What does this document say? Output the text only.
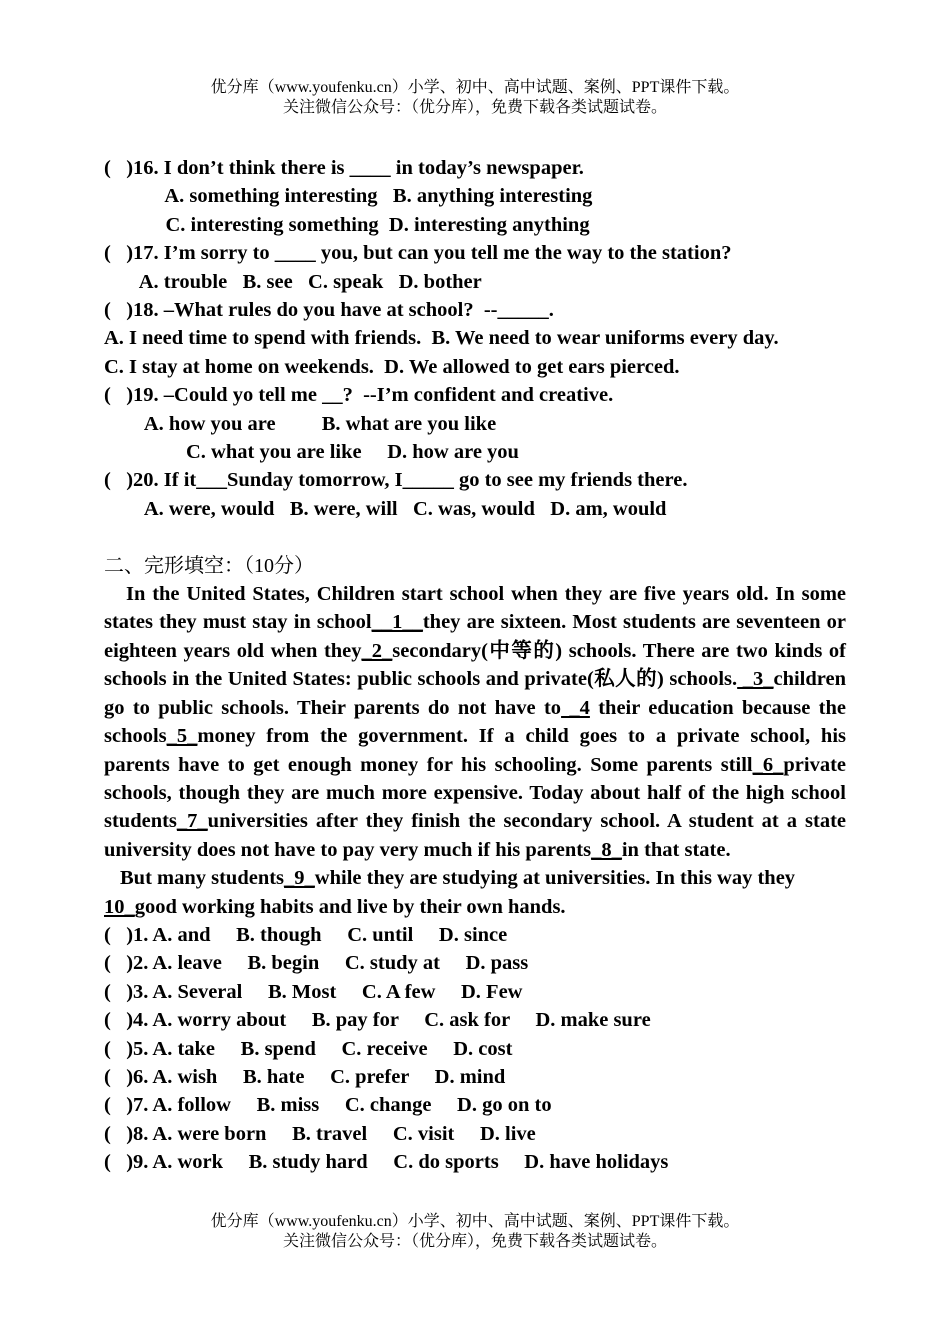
优分库（www.youfenku.cn）小学、初中、高中试题、案例、PPT课件下载。
关注微信公众号：（优分库），免费下载各类试题试卷。

(   )16. I don’t think there is ____ in today’s newspaper.

A. something interesting   B. anything interesting

C. interesting something  D. interesting anything

(   )17. I’m sorry to ____ you, but can you tell me the way to the station?

A. trouble   B. see   C. speak   D. bother

(   )18. –What rules do you have at school?  --_____.

A. I need time to spend with friends.  B. We need to wear uniforms every day.

C. I stay at home on weekends.  D. We allowed to get ears pierced.

(   )19. –Could yo tell me __?  --I’m confident and creative.

A. how you are         B. what are you like

C. what you are like     D. how are you

(   )20. If it___Sunday tomorrow, I_____ go to see my friends there.

A. were, would   B. were, will   C. was, would   D. am, would

二、完形填空：（10分）

In the United States, Children start school when they are five years old. In some states they must stay in school__1__they are sixteen. Most students are seventeen or eighteen years old when they_2_secondary(中等的) schools. There are two kinds of schools in the United States: public schools and private(私人的) schools. _3_children go to public schools. Their parents do not have to _4 their education because the schools_5_money from the government. If a child goes to a private school, his parents have to get enough money for his schooling. Some parents still_6_private schools, though they are much more expensive. Today about half of the high school students_7_universities after they finish the secondary school. A student at a state university does not have to pay very much if his parents_8_in that state.

But many students_9_while they are studying at universities. In this way they
10_good working habits and live by their own hands.

(   )1. A. and     B. though     C. until     D. since

(   )2. A. leave     B. begin     C. study at     D. pass

(   )3. A. Several     B. Most     C. A few     D. Few

(   )4. A. worry about     B. pay for     C. ask for     D. make sure

(   )5. A. take     B. spend     C. receive     D. cost

(   )6. A. wish     B. hate     C. prefer     D. mind

(   )7. A. follow     B. miss     C. change     D. go on to

(   )8. A. were born     B. travel     C. visit     D. live

(   )9. A. work     B. study hard     C. do sports     D. have holidays

优分库（www.youfenku.cn）小学、初中、高中试题、案例、PPT课件下载。
关注微信公众号：（优分库），免费下载各类试题试卷。
